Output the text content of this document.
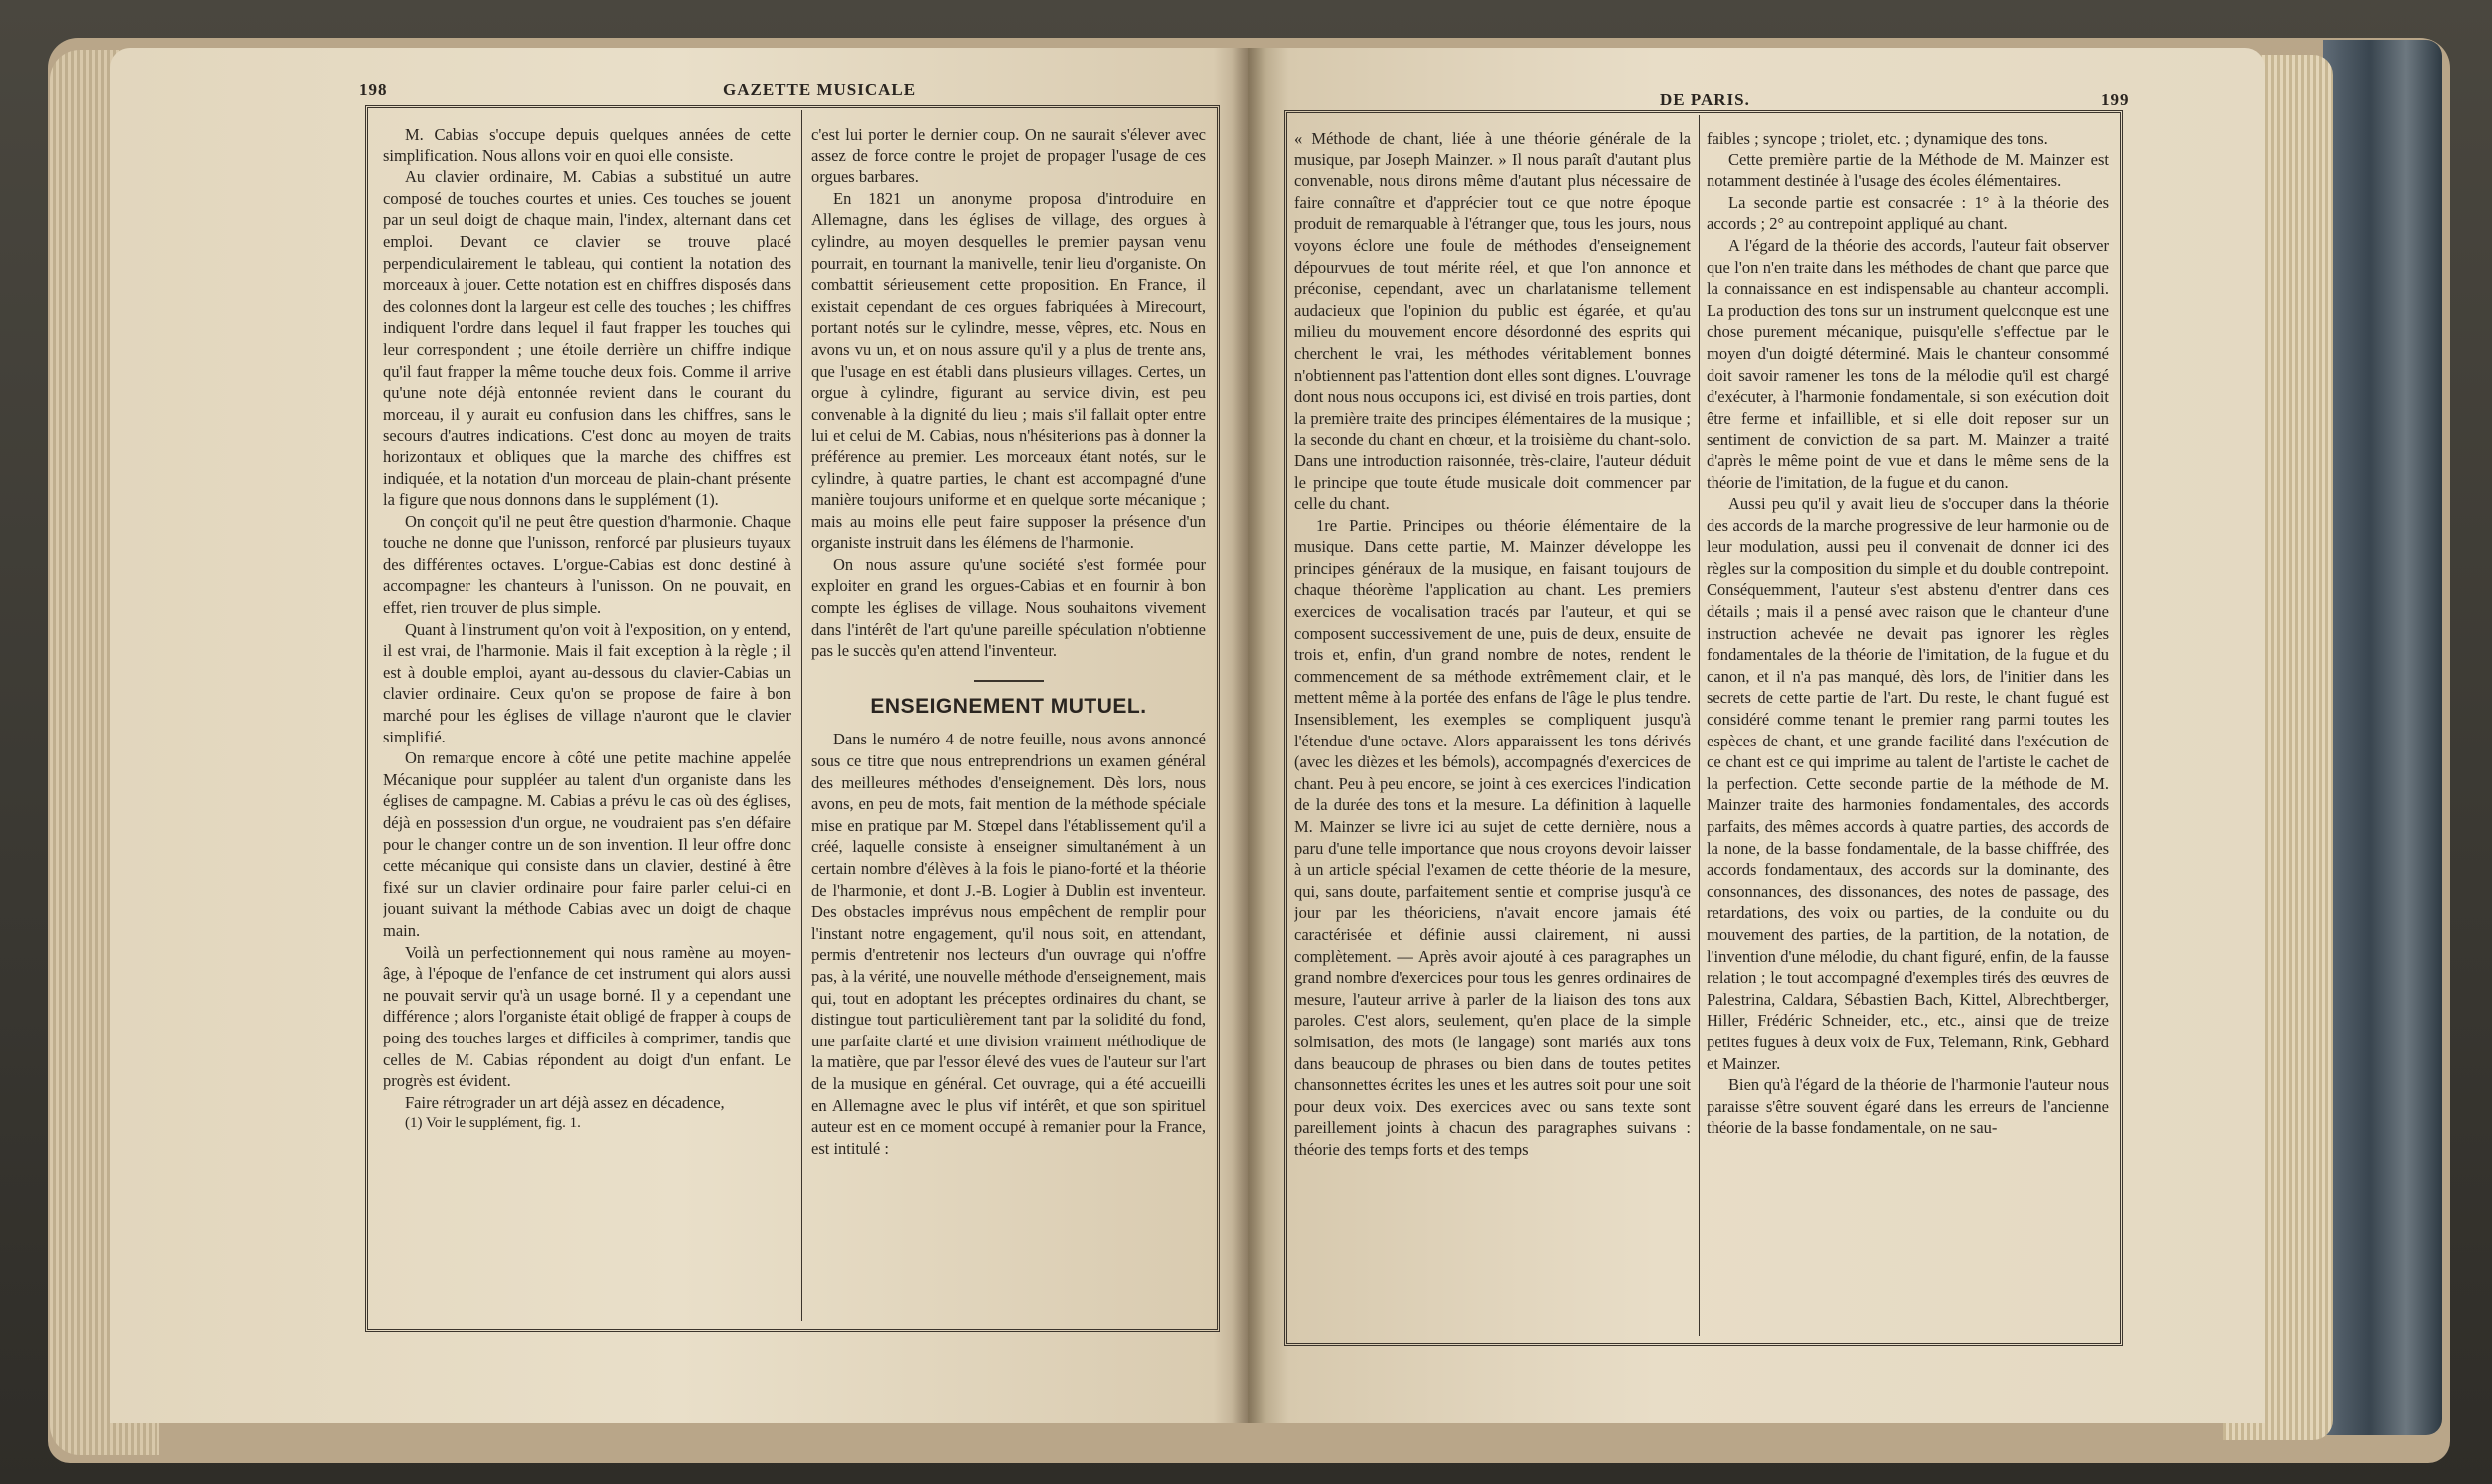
198	GAZETTE MUSICALE

M. Cabias s'occupe depuis quelques années de cette simplification. Nous allons voir en quoi elle consiste.

Au clavier ordinaire, M. Cabias a substitué un autre composé de touches courtes et unies. Ces touches se jouent par un seul doigt de chaque main, l'index, alternant dans cet emploi. Devant ce clavier se trouve placé perpendiculairement le tableau, qui contient la notation des morceaux à jouer. Cette notation est en chiffres disposés dans des colonnes dont la largeur est celle des touches ; les chiffres indiquent l'ordre dans lequel il faut frapper les touches qui leur correspondent ; une étoile derrière un chiffre indique qu'il faut frapper la même touche deux fois. Comme il arrive qu'une note déjà entonnée revient dans le courant du morceau, il y aurait eu confusion dans les chiffres, sans le secours d'autres indications. C'est donc au moyen de traits horizontaux et obliques que la marche des chiffres est indiquée, et la notation d'un morceau de plain-chant présente la figure que nous donnons dans le supplément (1).

On conçoit qu'il ne peut être question d'harmonie. Chaque touche ne donne que l'unisson, renforcé par plusieurs tuyaux des différentes octaves. L'orgue-Cabias est donc destiné à accompagner les chanteurs à l'unisson. On ne pouvait, en effet, rien trouver de plus simple.

Quant à l'instrument qu'on voit à l'exposition, on y entend, il est vrai, de l'harmonie. Mais il fait exception à la règle ; il est à double emploi, ayant au-dessous du clavier-Cabias un clavier ordinaire. Ceux qu'on se propose de faire à bon marché pour les églises de village n'auront que le clavier simplifié.

On remarque encore à côté une petite machine appelée Mécanique pour suppléer au talent d'un organiste dans les églises de campagne. M. Cabias a prévu le cas où des églises, déjà en possession d'un orgue, ne voudraient pas s'en défaire pour le changer contre un de son invention. Il leur offre donc cette mécanique qui consiste dans un clavier, destiné à être fixé sur un clavier ordinaire pour faire parler celui-ci en jouant suivant la méthode Cabias avec un doigt de chaque main.

Voilà un perfectionnement qui nous ramène au moyen-âge, à l'époque de l'enfance de cet instrument qui alors aussi ne pouvait servir qu'à un usage borné. Il y a cependant une différence ; alors l'organiste était obligé de frapper à coups de poing des touches larges et difficiles à comprimer, tandis que celles de M. Cabias répondent au doigt d'un enfant. Le progrès est évident.

Faire rétrograder un art déjà assez en décadence,

(1) Voir le supplément, fig. 1.

c'est lui porter le dernier coup. On ne saurait s'élever avec assez de force contre le projet de propager l'usage de ces orgues barbares.

En 1821 un anonyme proposa d'introduire en Allemagne, dans les églises de village, des orgues à cylindre, au moyen desquelles le premier paysan venu pourrait, en tournant la manivelle, tenir lieu d'organiste. On combattit sérieusement cette proposition. En France, il existait cependant de ces orgues fabriquées à Mirecourt, portant notés sur le cylindre, messe, vêpres, etc. Nous en avons vu un, et on nous assure qu'il y a plus de trente ans, que l'usage en est établi dans plusieurs villages. Certes, un orgue à cylindre, figurant au service divin, est peu convenable à la dignité du lieu ; mais s'il fallait opter entre lui et celui de M. Cabias, nous n'hésiterions pas à donner la préférence au premier. Les morceaux étant notés, sur le cylindre, à quatre parties, le chant est accompagné d'une manière toujours uniforme et en quelque sorte mécanique ; mais au moins elle peut faire supposer la présence d'un organiste instruit dans les élémens de l'harmonie.

On nous assure qu'une société s'est formée pour exploiter en grand les orgues-Cabias et en fournir à bon compte les églises de village. Nous souhaitons vivement dans l'intérêt de l'art qu'une pareille spéculation n'obtienne pas le succès qu'en attend l'inventeur.

ENSEIGNEMENT MUTUEL.

Dans le numéro 4 de notre feuille, nous avons annoncé sous ce titre que nous entreprendrions un examen général des meilleures méthodes d'enseignement. Dès lors, nous avons, en peu de mots, fait mention de la méthode spéciale mise en pratique par M. Stœpel dans l'établissement qu'il a créé, laquelle consiste à enseigner simultanément à un certain nombre d'élèves à la fois le piano-forté et la théorie de l'harmonie, et dont J.-B. Logier à Dublin est inventeur. Des obstacles imprévus nous empêchent de remplir pour l'instant notre engagement, qu'il nous soit, en attendant, permis d'entretenir nos lecteurs d'un ouvrage qui n'offre pas, à la vérité, une nouvelle méthode d'enseignement, mais qui, tout en adoptant les préceptes ordinaires du chant, se distingue tout particulièrement tant par la solidité du fond, une parfaite clarté et une division vraiment méthodique de la matière, que par l'essor élevé des vues de l'auteur sur l'art de la musique en général. Cet ouvrage, qui a été accueilli en Allemagne avec le plus vif intérêt, et que son spirituel auteur est en ce moment occupé à remanier pour la France, est intitulé :

DE PARIS.	199

« Méthode de chant, liée à une théorie générale de la musique, par Joseph Mainzer. » Il nous paraît d'autant plus convenable, nous dirons même d'autant plus nécessaire de faire connaître et d'apprécier tout ce que notre époque produit de remarquable à l'étranger que, tous les jours, nous voyons éclore une foule de méthodes d'enseignement dépourvues de tout mérite réel, et que l'on annonce et préconise, cependant, avec un charlatanisme tellement audacieux que l'opinion du public est égarée, et qu'au milieu du mouvement encore désordonné des esprits qui cherchent le vrai, les méthodes véritablement bonnes n'obtiennent pas l'attention dont elles sont dignes. L'ouvrage dont nous nous occupons ici, est divisé en trois parties, dont la première traite des principes élémentaires de la musique ; la seconde du chant en chœur, et la troisième du chant-solo. Dans une introduction raisonnée, très-claire, l'auteur déduit le principe que toute étude musicale doit commencer par celle du chant.

1re Partie. Principes ou théorie élémentaire de la musique. Dans cette partie, M. Mainzer développe les principes généraux de la musique, en faisant toujours de chaque théorème l'application au chant. Les premiers exercices de vocalisation tracés par l'auteur, et qui se composent successivement de une, puis de deux, ensuite de trois et, enfin, d'un grand nombre de notes, rendent le commencement de sa méthode extrêmement clair, et le mettent même à la portée des enfans de l'âge le plus tendre. Insensiblement, les exemples se compliquent jusqu'à l'étendue d'une octave. Alors apparaissent les tons dérivés (avec les dièzes et les bémols), accompagnés d'exercices de chant. Peu à peu encore, se joint à ces exercices l'indication de la durée des tons et la mesure. La définition à laquelle M. Mainzer se livre ici au sujet de cette dernière, nous a paru d'une telle importance que nous croyons devoir laisser à un article spécial l'examen de cette théorie de la mesure, qui, sans doute, parfaitement sentie et comprise jusqu'à ce jour par les théoriciens, n'avait encore jamais été caractérisée et définie aussi clairement, ni aussi complètement. — Après avoir ajouté à ces paragraphes un grand nombre d'exercices pour tous les genres ordinaires de mesure, l'auteur arrive à parler de la liaison des tons aux paroles. C'est alors, seulement, qu'en place de la simple solmisation, des mots (le langage) sont mariés aux tons dans beaucoup de phrases ou bien dans de toutes petites chansonnettes écrites les unes et les autres soit pour une soit pour deux voix. Des exercices avec ou sans texte sont pareillement joints à chacun des paragraphes suivans : théorie des temps forts et des temps

faibles ; syncope ; triolet, etc. ; dynamique des tons.

Cette première partie de la Méthode de M. Mainzer est notamment destinée à l'usage des écoles élémentaires.

La seconde partie est consacrée : 1° à la théorie des accords ; 2° au contrepoint appliqué au chant.

A l'égard de la théorie des accords, l'auteur fait observer que l'on n'en traite dans les méthodes de chant que parce que la connaissance en est indispensable au chanteur accompli. La production des tons sur un instrument quelconque est une chose purement mécanique, puisqu'elle s'effectue par le moyen d'un doigté déterminé. Mais le chanteur consommé doit savoir ramener les tons de la mélodie qu'il est chargé d'exécuter, à l'harmonie fondamentale, si son exécution doit être ferme et infaillible, et si elle doit reposer sur un sentiment de conviction de sa part. M. Mainzer a traité d'après le même point de vue et dans le même sens de la théorie de l'imitation, de la fugue et du canon.

Aussi peu qu'il y avait lieu de s'occuper dans la théorie des accords de la marche progressive de leur harmonie ou de leur modulation, aussi peu il convenait de donner ici des règles sur la composition du simple et du double contrepoint. Conséquemment, l'auteur s'est abstenu d'entrer dans ces détails ; mais il a pensé avec raison que le chanteur d'une instruction achevée ne devait pas ignorer les règles fondamentales de la théorie de l'imitation, de la fugue et du canon, et il n'a pas manqué, dès lors, de l'initier dans les secrets de cette partie de l'art. Du reste, le chant fugué est considéré comme tenant le premier rang parmi toutes les espèces de chant, et une grande facilité dans l'exécution de ce chant est ce qui imprime au talent de l'artiste le cachet de la perfection. Cette seconde partie de la méthode de M. Mainzer traite des harmonies fondamentales, des accords parfaits, des mêmes accords à quatre parties, des accords de la none, de la basse fondamentale, de la basse chiffrée, des accords fondamentaux, des accords sur la dominante, des consonnances, des dissonances, des notes de passage, des retardations, des voix ou parties, de la conduite ou du mouvement des parties, de la partition, de la notation, de l'invention d'une mélodie, du chant figuré, enfin, de la fausse relation ; le tout accompagné d'exemples tirés des œuvres de Palestrina, Caldara, Sébastien Bach, Kittel, Albrechtberger, Hiller, Frédéric Schneider, etc., etc., ainsi que de treize petites fugues à deux voix de Fux, Telemann, Rink, Gebhard et Mainzer.

Bien qu'à l'égard de la théorie de l'harmonie l'auteur nous paraisse s'être souvent égaré dans les erreurs de l'ancienne théorie de la basse fondamentale, on ne sau-
